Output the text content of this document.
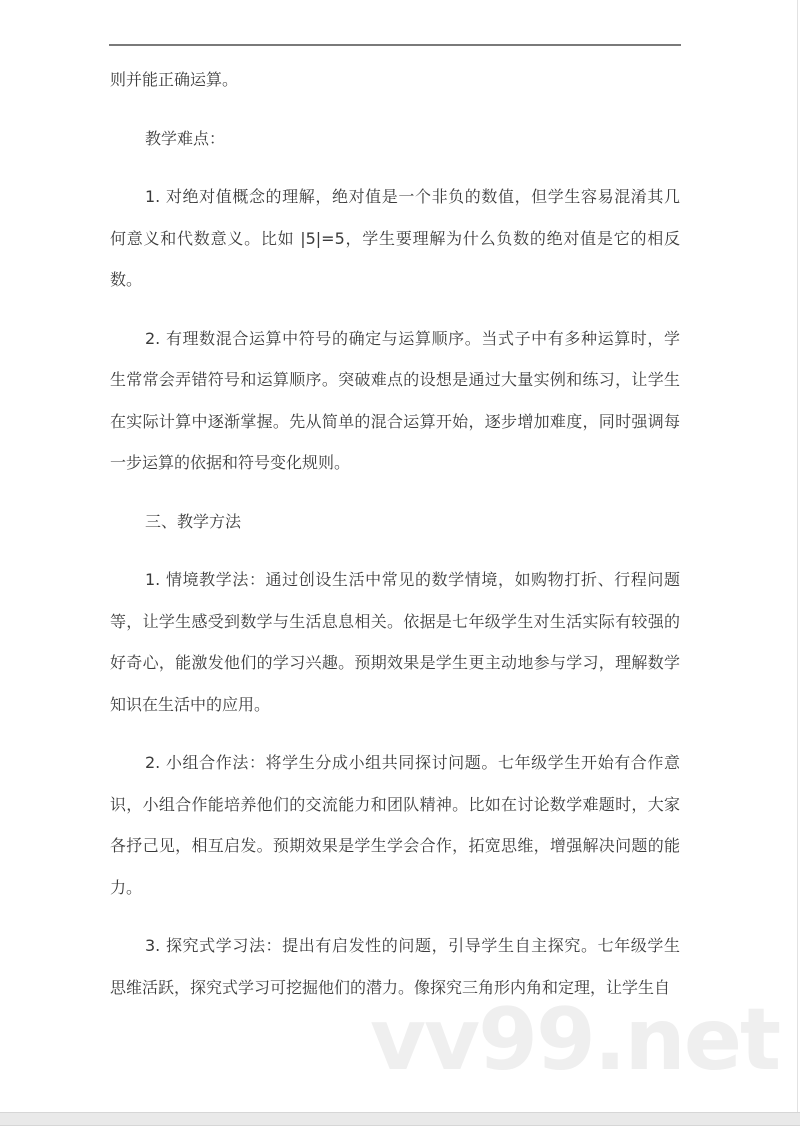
则并能正确运算。
教学难点：
1. 对绝对值概念的理解，绝对值是一个非负的数值，但学生容易混淆其几
何意义和代数意义。比如 |5|=5，学生要理解为什么负数的绝对值是它的相反
数。
2. 有理数混合运算中符号的确定与运算顺序。当式子中有多种运算时，学
生常常会弄错符号和运算顺序。突破难点的设想是通过大量实例和练习，让学生
在实际计算中逐渐掌握。先从简单的混合运算开始，逐步增加难度，同时强调每
一步运算的依据和符号变化规则。
三、教学方法
1. 情境教学法：通过创设生活中常见的数学情境，如购物打折、行程问题
等，让学生感受到数学与生活息息相关。依据是七年级学生对生活实际有较强的
好奇心，能激发他们的学习兴趣。预期效果是学生更主动地参与学习，理解数学
知识在生活中的应用。
2. 小组合作法：将学生分成小组共同探讨问题。七年级学生开始有合作意
识，小组合作能培养他们的交流能力和团队精神。比如在讨论数学难题时，大家
各抒己见，相互启发。预期效果是学生学会合作，拓宽思维，增强解决问题的能
力。
3. 探究式学习法：提出有启发性的问题，引导学生自主探究。七年级学生
思维活跃，探究式学习可挖掘他们的潜力。像探究三角形内角和定理，让学生自
vv99.net
